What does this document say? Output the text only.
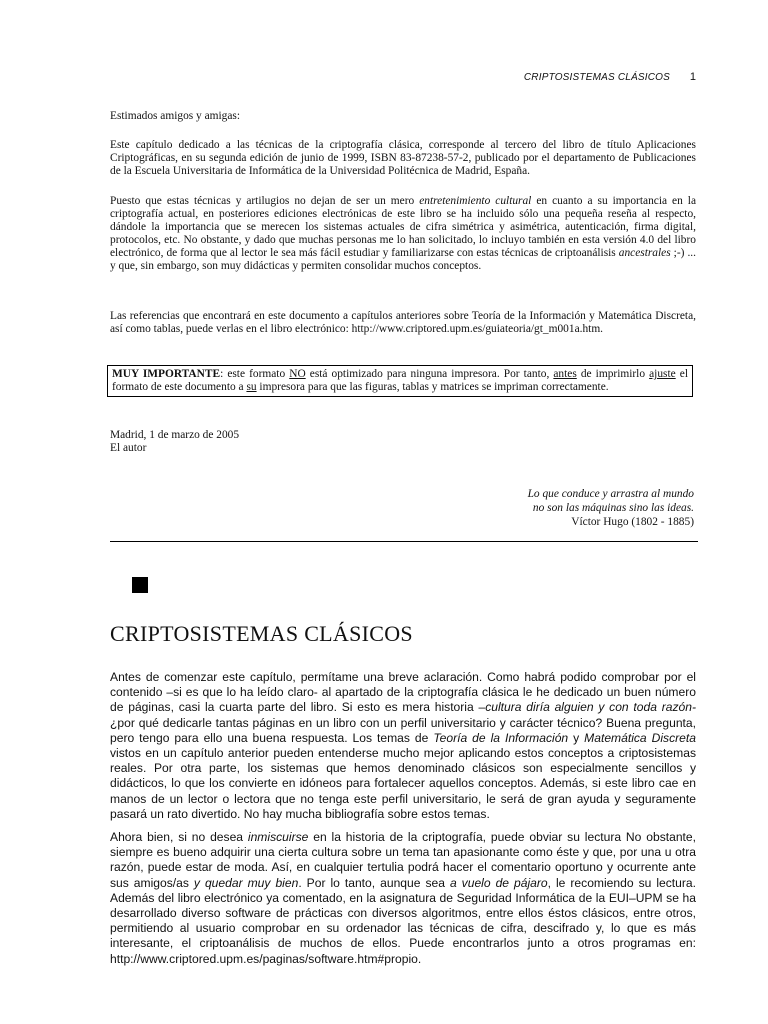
CRIPTOSISTEMAS CLÁSICOS 1

Estimados amigos y amigas:

Este capítulo dedicado a las técnicas de la criptografía clásica, corresponde al tercero del libro de título Aplicaciones Criptográficas, en su segunda edición de junio de 1999, ISBN 83-87238-57-2, publicado por el departamento de Publicaciones de la Escuela Universitaria de Informática de la Universidad Politécnica de Madrid, España.

Puesto que estas técnicas y artilugios no dejan de ser un mero entretenimiento cultural en cuanto a su importancia en la criptografía actual, en posteriores ediciones electrónicas de este libro se ha incluido sólo una pequeña reseña al respecto, dándole la importancia que se merecen los sistemas actuales de cifra simétrica y asimétrica, autenticación, firma digital, protocolos, etc. No obstante, y dado que muchas personas me lo han solicitado, lo incluyo también en esta versión 4.0 del libro electrónico, de forma que al lector le sea más fácil estudiar y familiarizarse con estas técnicas de criptoanálisis ancestrales ;-) ... y que, sin embargo, son muy didácticas y permiten consolidar muchos conceptos.

Las referencias que encontrará en este documento a capítulos anteriores sobre Teoría de la Información y Matemática Discreta, así como tablas, puede verlas en el libro electrónico: http://www.criptored.upm.es/guiateoria/gt_m001a.htm.

MUY IMPORTANTE: este formato NO está optimizado para ninguna impresora. Por tanto, antes de imprimirlo ajuste el formato de este documento a su impresora para que las figuras, tablas y matrices se impriman correctamente.
Madrid, 1 de marzo de 2005
El autor
Lo que conduce y arrastra al mundo
no son las máquinas sino las ideas.
Víctor Hugo (1802 - 1885)
CRIPTOSISTEMAS CLÁSICOS

Antes de comenzar este capítulo, permítame una breve aclaración. Como habrá podido comprobar por el contenido –si es que lo ha leído claro- al apartado de la criptografía clásica le he dedicado un buen número de páginas, casi la cuarta parte del libro. Si esto es mera historia –cultura diría alguien y con toda razón- ¿por qué dedicarle tantas páginas en un libro con un perfil universitario y carácter técnico? Buena pregunta, pero tengo para ello una buena respuesta. Los temas de Teoría de la Información y Matemática Discreta vistos en un capítulo anterior pueden entenderse mucho mejor aplicando estos conceptos a criptosistemas reales. Por otra parte, los sistemas que hemos denominado clásicos son especialmente sencillos y didácticos, lo que los convierte en idóneos para fortalecer aquellos conceptos. Además, si este libro cae en manos de un lector o lectora que no tenga este perfil universitario, le será de gran ayuda y seguramente pasará un rato divertido. No hay mucha bibliografía sobre estos temas.

Ahora bien, si no desea inmiscuirse en la historia de la criptografía, puede obviar su lectura No obstante, siempre es bueno adquirir una cierta cultura sobre un tema tan apasionante como éste y que, por una u otra razón, puede estar de moda. Así, en cualquier tertulia podrá hacer el comentario oportuno y ocurrente ante sus amigos/as y quedar muy bien. Por lo tanto, aunque sea a vuelo de pájaro, le recomiendo su lectura. Además del libro electrónico ya comentado, en la asignatura de Seguridad Informática de la EUI–UPM se ha desarrollado diverso software de prácticas con diversos algoritmos, entre ellos éstos clásicos, entre otros, permitiendo al usuario comprobar en su ordenador las técnicas de cifra, descifrado y, lo que es más interesante, el criptoanálisis de muchos de ellos. Puede encontrarlos junto a otros programas en: http://www.criptored.upm.es/paginas/software.htm#propio.
